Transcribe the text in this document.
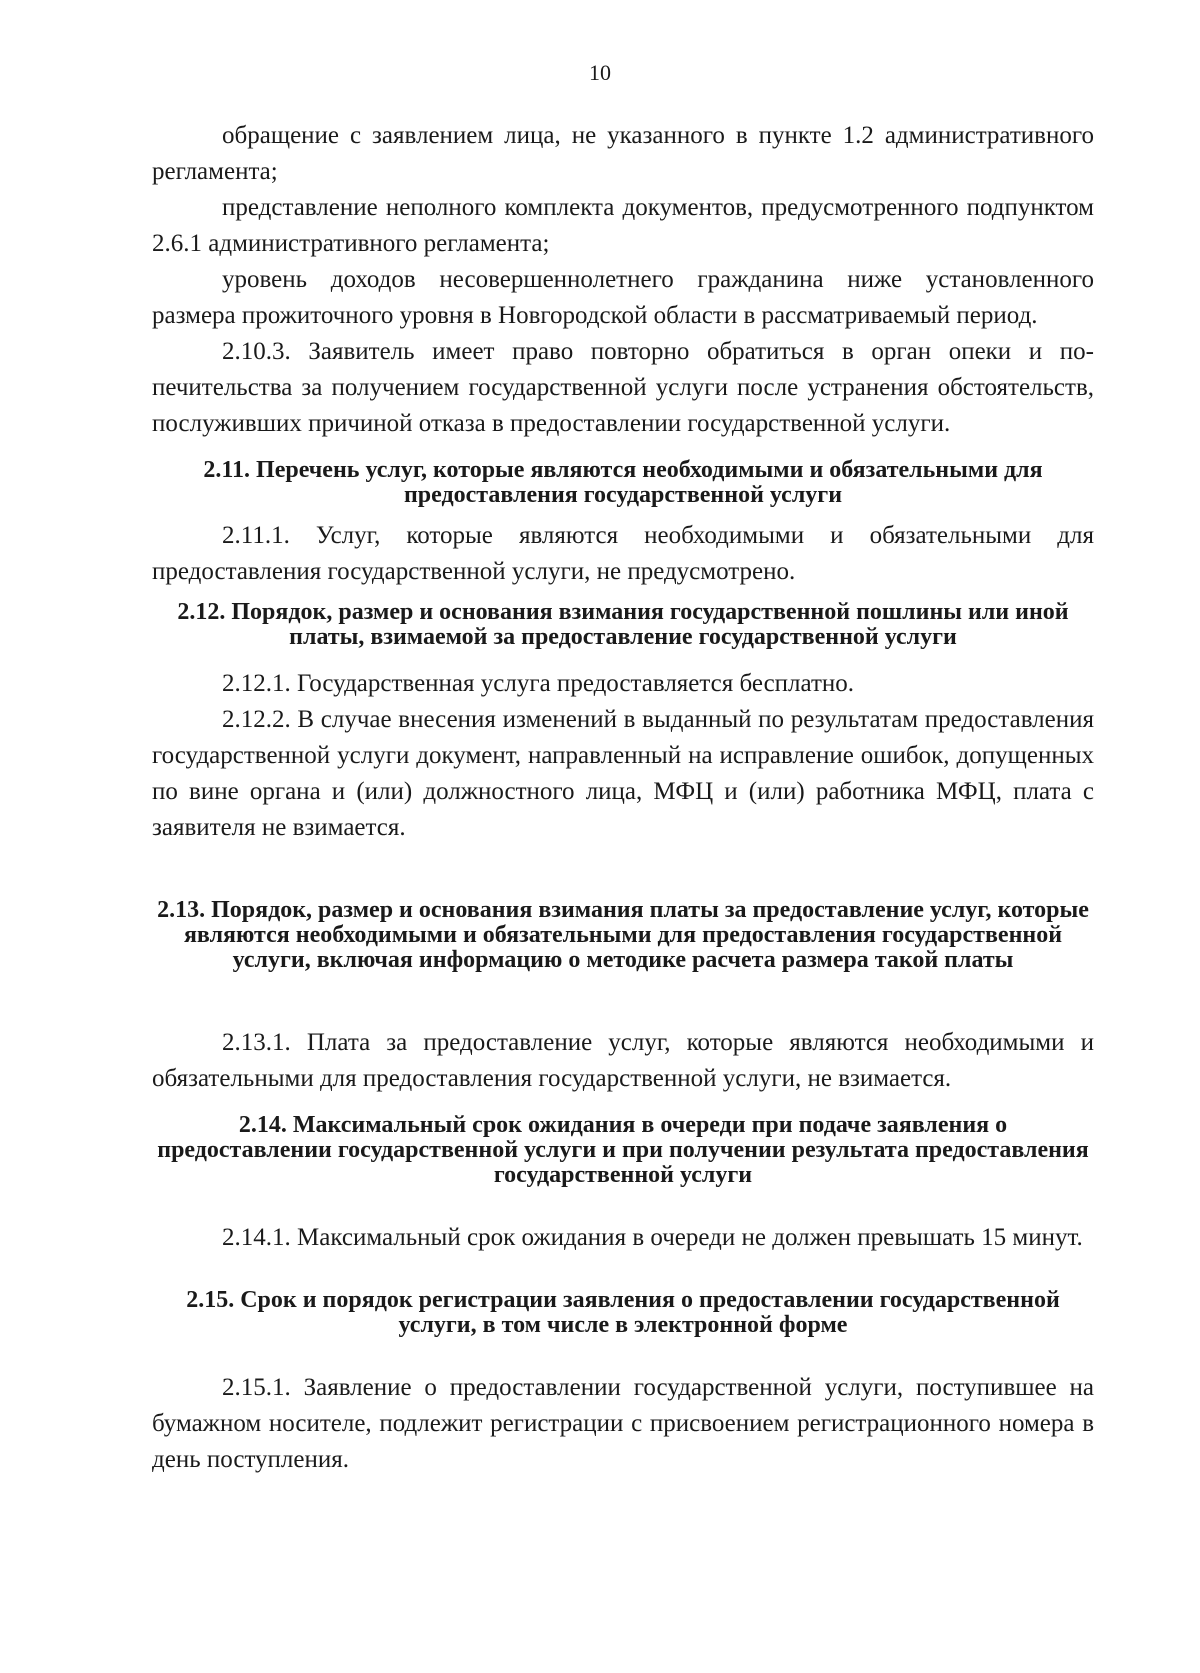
10

обращение с заявлением лица, не указанного в пункте 1.2 административного регламента;

представление неполного комплекта документов, предусмотренного подпунктом 2.6.1 административного регламента;

уровень доходов несовершеннолетнего гражданина ниже установленного размера прожиточного уровня в Новгородской области в рассматриваемый период.

2.10.3. Заявитель имеет право повторно обратиться в орган опеки и попечительства за получением государственной услуги после устранения обстоятельств, послуживших причиной отказа в предоставлении государственной услуги.

2.11. Перечень услуг, которые являются необходимыми и обязательными для предоставления государственной услуги

2.11.1. Услуг, которые являются необходимыми и обязательными для предоставления государственной услуги, не предусмотрено.

2.12. Порядок, размер и основания взимания государственной пошлины или иной платы, взимаемой за предоставление государственной услуги

2.12.1. Государственная услуга предоставляется бесплатно.

2.12.2. В случае внесения изменений в выданный по результатам предоставления государственной услуги документ, направленный на исправление ошибок, допущенных по вине органа и (или) должностного лица, МФЦ и (или) работника МФЦ, плата с заявителя не взимается.

2.13. Порядок, размер и основания взимания платы за предоставление услуг, которые являются необходимыми и обязательными для предоставления государственной услуги, включая информацию о методике расчета размера такой платы

2.13.1. Плата за предоставление услуг, которые являются необходимыми и обязательными для предоставления государственной услуги, не взимается.

2.14. Максимальный срок ожидания в очереди при подаче заявления о предоставлении государственной услуги и при получении результата предоставления государственной услуги

2.14.1. Максимальный срок ожидания в очереди не должен превышать 15 минут.

2.15. Срок и порядок регистрации заявления о предоставлении государственной услуги, в том числе в электронной форме

2.15.1. Заявление о предоставлении государственной услуги, поступившее на бумажном носителе, подлежит регистрации с присвоением регистрационного номера в день поступления.
